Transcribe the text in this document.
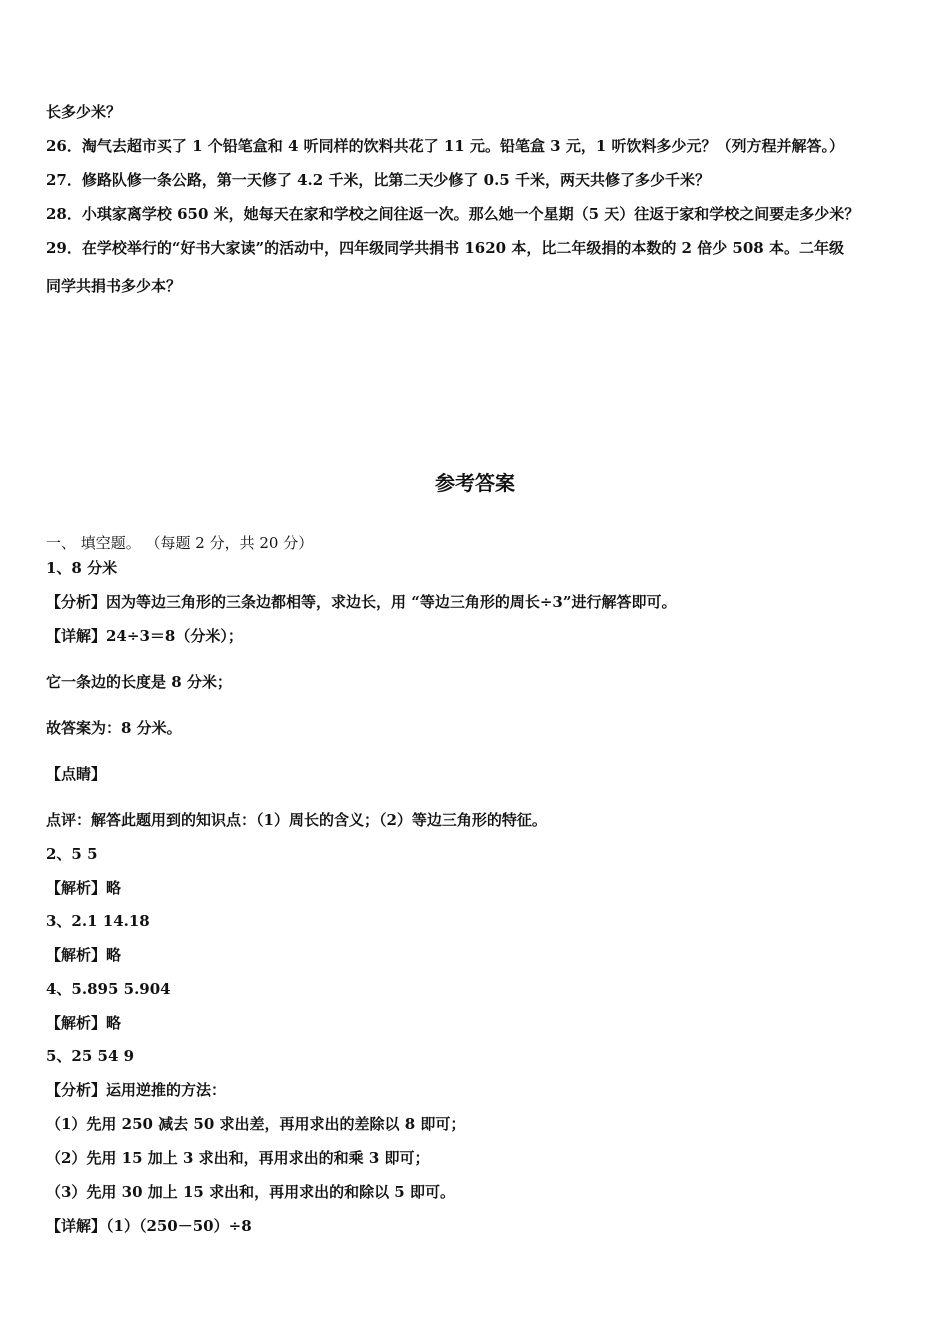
长多少米？
26．淘气去超市买了 1 个铅笔盒和 4 听同样的饮料共花了 11 元。铅笔盒 3 元，1 听饮料多少元？（列方程并解答。）
27．修路队修一条公路，第一天修了 4.2 千米，比第二天少修了 0.5 千米，两天共修了多少千米？
28．小琪家离学校 650 米，她每天在家和学校之间往返一次。那么她一个星期（5 天）往返于家和学校之间要走多少米？
29．在学校举行的“好书大家读”的活动中，四年级同学共捐书 1620 本，比二年级捐的本数的 2 倍少 508 本。二年级
同学共捐书多少本？
参考答案
一、 填空题。 （每题 2 分，共 20 分）
1、8 分米
【分析】因为等边三角形的三条边都相等，求边长，用 “等边三角形的周长÷3”进行解答即可。
【详解】24÷3＝8（分米）；
它一条边的长度是 8 分米；
故答案为：8 分米。
【点睛】
点评：解答此题用到的知识点：（1）周长的含义；（2）等边三角形的特征。
2、5 5
【解析】略
3、2.1 14.18
【解析】略
4、5.895 5.904
【解析】略
5、25 54 9
【分析】运用逆推的方法：
（1）先用 250 减去 50 求出差，再用求出的差除以 8 即可；
（2）先用 15 加上 3 求出和，再用求出的和乘 3 即可；
（3）先用 30 加上 15 求出和，再用求出的和除以 5 即可。
【详解】（1）（250－50）÷8
